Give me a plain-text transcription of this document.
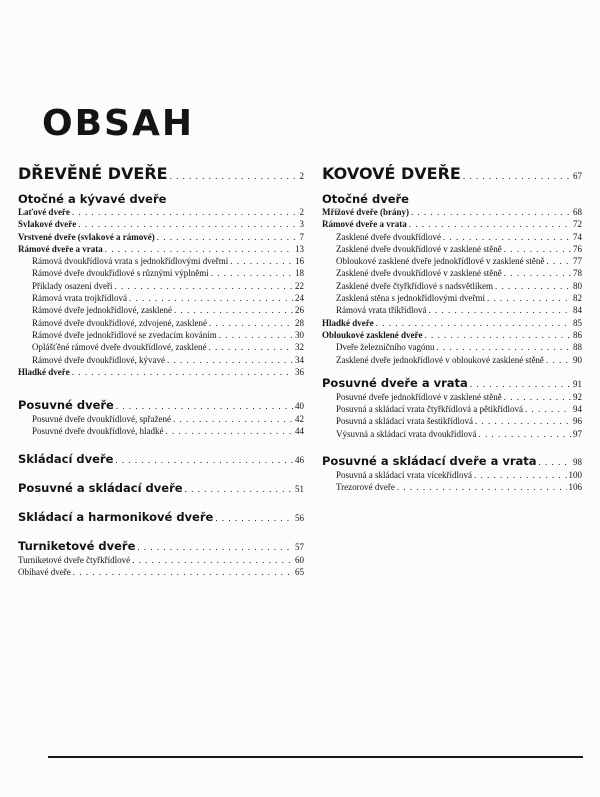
OBSAH
DŘEVĚNÉ DVEŘE . . .	2
Otočné a kývavé dveře
Laťové dveře . . .	2
Svlakové dveře . . .	3
Vrstvené dveře (svlakové a rámové) . . .	7
Rámové dveře a vrata . . .	13
Rámová dvoukřídlová vrata s jednokřídlovými dveřmi . . .	16
Rámové dveře dvoukřídlové s různými výplněmi . . .	18
Příklady osazení dveří . . .	22
Rámová vrata trojkřídlová . . .	24
Rámové dveře jednokřídlové, zasklené . . .	26
Rámové dveře dvoukřídlové, zdvojené, zasklené . . .	28
Rámové dveře jednokřídlové se zvedacím kováním . . .	30
Oplášťěné rámové dveře dvoukřídlové, zasklené . . .	32
Rámové dveře dvoukřídlové, kývavé . . .	34
Hladké dveře . . .	36
Posuvné dveře . . .	40
Posuvné dveře dvoukřídlové, spřažené . . .	42
Posuvné dveře dvoukřídlové, hladké . . .	44
Skládací dveře . . .	46
Posuvné a skládací dveře . . .	51
Skládací a harmonikové dveře . . .	56
Turniketové dveře . . .	57
Turniketové dveře čtyřkřídlové . . .	60
Obíhavé dveře . . .	65
KOVOVÉ DVEŘE . . .	67
Otočné dveře
Mřížové dveře (brány) . . .	68
Rámové dveře a vrata . . .	72
Zasklené dveře dvoukřídlové . . .	74
Zasklené dveře dvoukřídlové v zasklené stěně . . .	76
Obloukové zasklené dveře jednokřídlové v zasklené stěně . . .	77
Zasklené dveře dvoukřídlové v zasklené stěně . . .	78
Zasklené dveře čtyřkřídlové s nadsvětlíkem . . .	80
Zasklená stěna s jednokřídlovými dveřmi . . .	82
Rámová vrata tříkřídlová . . .	84
Hladké dveře . . .	85
Obloukové zasklené dveře . . .	86
Dveře železničního vagónu . . .	88
Zasklené dveře jednokřídlové v obloukové zasklené stěně . . .	90
Posuvné dveře a vrata . . .	91
Posuvné dveře jednokřídlové v zasklené stěně . . .	92
Posuvná a skládací vrata čtyřkřídlová a pětikřídlová . . .	94
Posuvná a skládací vrata šestikřídlová . . .	96
Výsuvná a skládací vrata dvoukřídlová . . .	97
Posuvné a skládací dveře a vrata . . .	98
Posuvná a skládací vrata vícekřídlová . . .	100
Trezorové dveře . . .	106
